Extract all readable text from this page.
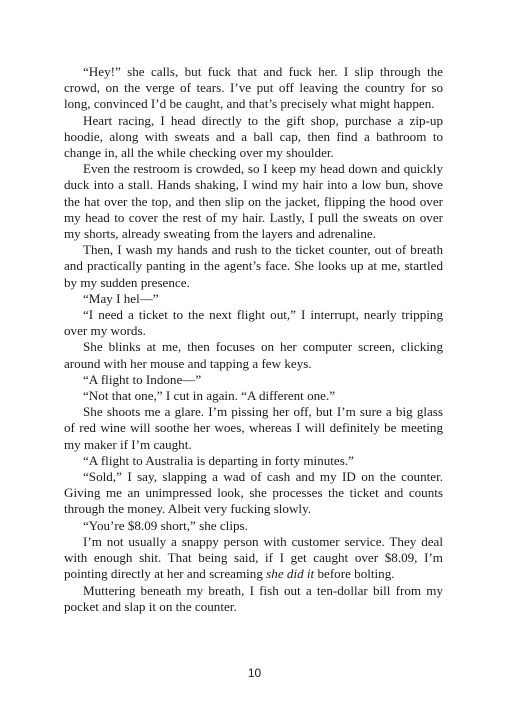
“Hey!” she calls, but fuck that and fuck her. I slip through the crowd, on the verge of tears. I’ve put off leaving the country for so long, convinced I’d be caught, and that’s precisely what might happen.

Heart racing, I head directly to the gift shop, purchase a zip-up hoodie, along with sweats and a ball cap, then find a bathroom to change in, all the while checking over my shoulder.

Even the restroom is crowded, so I keep my head down and quickly duck into a stall. Hands shaking, I wind my hair into a low bun, shove the hat over the top, and then slip on the jacket, flipping the hood over my head to cover the rest of my hair. Lastly, I pull the sweats on over my shorts, already sweating from the layers and adrenaline.

Then, I wash my hands and rush to the ticket counter, out of breath and practically panting in the agent’s face. She looks up at me, startled by my sudden presence.

“May I hel—”

“I need a ticket to the next flight out,” I interrupt, nearly tripping over my words.

She blinks at me, then focuses on her computer screen, clicking around with her mouse and tapping a few keys.

“A flight to Indone—”

“Not that one,” I cut in again. “A different one.”

She shoots me a glare. I’m pissing her off, but I’m sure a big glass of red wine will soothe her woes, whereas I will definitely be meeting my maker if I’m caught.

“A flight to Australia is departing in forty minutes.”

“Sold,” I say, slapping a wad of cash and my ID on the counter. Giving me an unimpressed look, she processes the ticket and counts through the money. Albeit very fucking slowly.

“You’re $8.09 short,” she clips.

I’m not usually a snappy person with customer service. They deal with enough shit. That being said, if I get caught over $8.09, I’m pointing directly at her and screaming she did it before bolting.

Muttering beneath my breath, I fish out a ten-dollar bill from my pocket and slap it on the counter.

10
